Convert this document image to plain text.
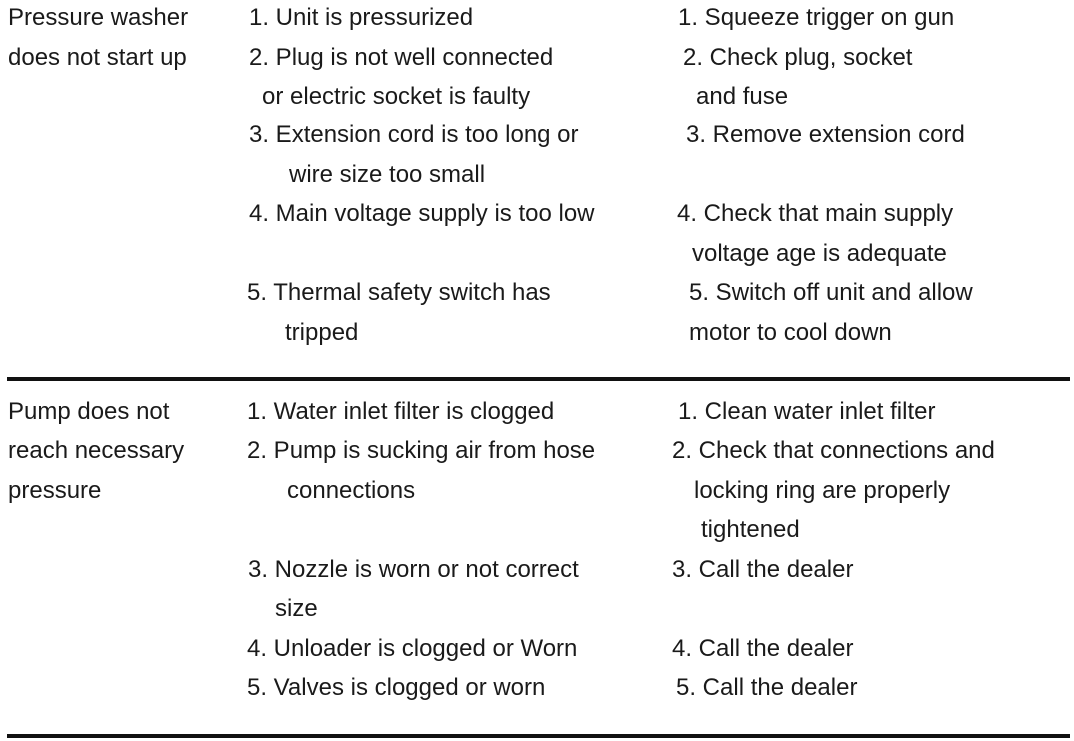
Pressure washer
does not start up
1. Unit is pressurized
2. Plug is not well connected
or electric socket is faulty
3. Extension cord is too long or
wire size too small
4. Main voltage supply is too low
5. Thermal safety switch has
tripped
1. Squeeze trigger on gun
2. Check plug, socket
and fuse
3. Remove extension cord
4. Check that main supply
voltage age is adequate
5. Switch off unit and allow
motor to cool down
Pump does not
reach necessary
pressure
1. Water inlet filter is clogged
2. Pump is sucking air from hose
connections
3. Nozzle is worn or not correct
size
4. Unloader is clogged or Worn
5. Valves is clogged or worn
1. Clean water inlet filter
2. Check that connections and
locking ring are properly
tightened
3. Call the dealer
4. Call the dealer
5. Call the dealer
